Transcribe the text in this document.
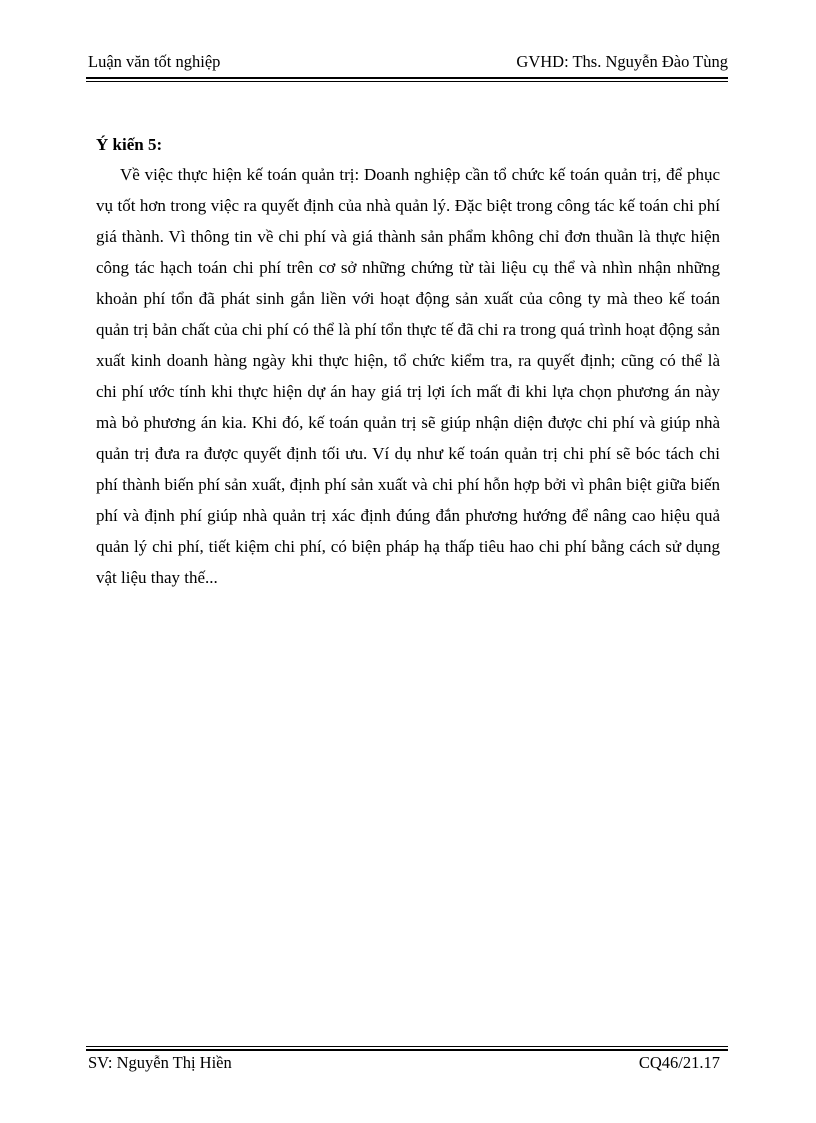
Luận văn tốt nghiệp	GVHD: Ths. Nguyễn Đào Tùng

Ý kiến 5:

Về việc thực hiện kế toán quản trị: Doanh nghiệp cần tổ chức kế toán quản trị, để phục vụ tốt hơn trong việc ra quyết định của nhà quản lý. Đặc biệt trong công tác kế toán chi phí giá thành. Vì thông tin về chi phí và giá thành sản phẩm không chỉ đơn thuần là thực hiện công tác hạch toán chi phí trên cơ sở những chứng từ tài liệu cụ thể và nhìn nhận những khoản phí tổn đã phát sinh gắn liền với hoạt động sản xuất của công ty mà theo kế toán quản trị bản chất của chi phí có thể là phí tổn thực tế đã chi ra trong quá trình hoạt động sản xuất kinh doanh hàng ngày khi thực hiện, tổ chức kiểm tra, ra quyết định; cũng có thể là chi phí ước tính khi thực hiện dự án hay giá trị lợi ích mất đi khi lựa chọn phương án này mà bỏ phương án kia. Khi đó, kế toán quản trị sẽ giúp nhận diện được chi phí và giúp nhà quản trị đưa ra được quyết định tối ưu. Ví dụ như kế toán quản trị chi phí sẽ bóc tách chi phí thành biến phí sản xuất, định phí sản xuất và chi phí hỗn hợp bởi vì phân biệt giữa biến phí và định phí giúp nhà quản trị xác định đúng đắn phương hướng để nâng cao hiệu quả quản lý chi phí, tiết kiệm chi phí, có biện pháp hạ thấp tiêu hao chi phí bằng cách sử dụng vật liệu thay thế...

SV: Nguyễn Thị Hiền	CQ46/21.17
